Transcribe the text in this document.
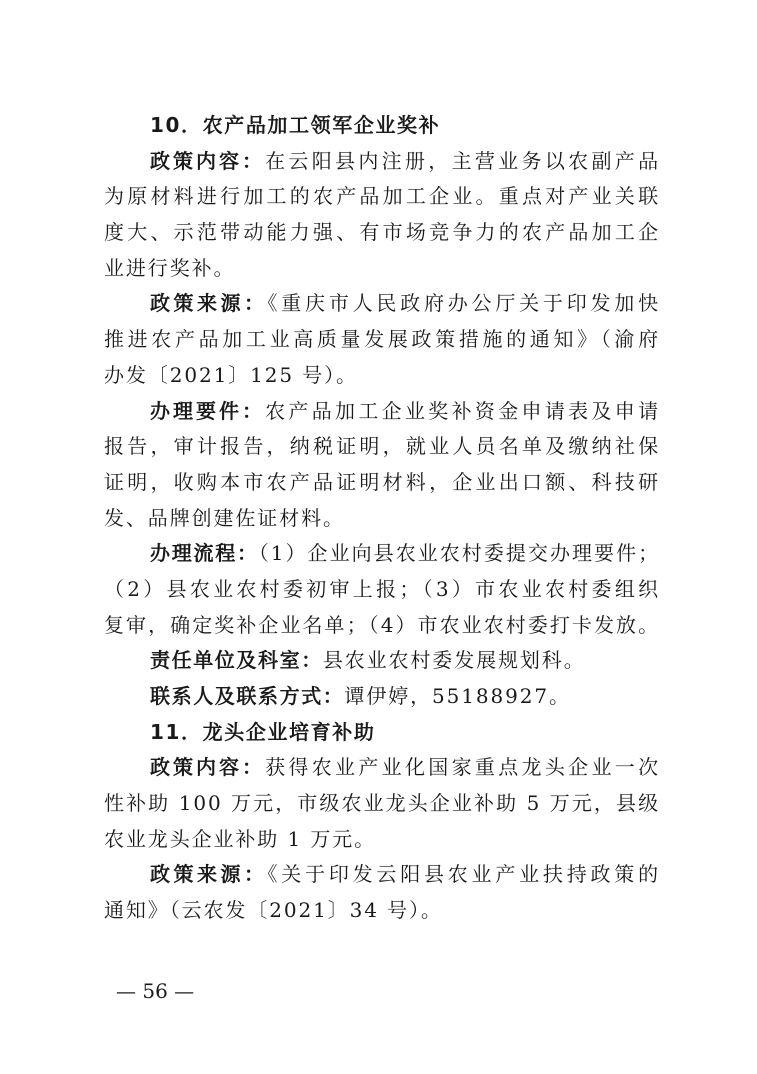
10．农产品加工领军企业奖补
政策内容：在云阳县内注册，主营业务以农副产品
为原材料进行加工的农产品加工企业。重点对产业关联
度大、示范带动能力强、有市场竞争力的农产品加工企
业进行奖补。
政策来源：《重庆市人民政府办公厅关于印发加快
推进农产品加工业高质量发展政策措施的通知》（渝府
办发〔2021〕125 号）。
办理要件：农产品加工企业奖补资金申请表及申请
报告，审计报告，纳税证明，就业人员名单及缴纳社保
证明，收购本市农产品证明材料，企业出口额、科技研
发、品牌创建佐证材料。
办理流程：（1）企业向县农业农村委提交办理要件；
（2）县农业农村委初审上报；（3）市农业农村委组织
复审，确定奖补企业名单；（4）市农业农村委打卡发放。
责任单位及科室：县农业农村委发展规划科。
联系人及联系方式：谭伊婷，55188927。
11．龙头企业培育补助
政策内容：获得农业产业化国家重点龙头企业一次
性补助 100 万元，市级农业龙头企业补助 5 万元，县级
农业龙头企业补助 1 万元。
政策来源：《关于印发云阳县农业产业扶持政策的
通知》（云农发〔2021〕34 号）。
— 56 —
